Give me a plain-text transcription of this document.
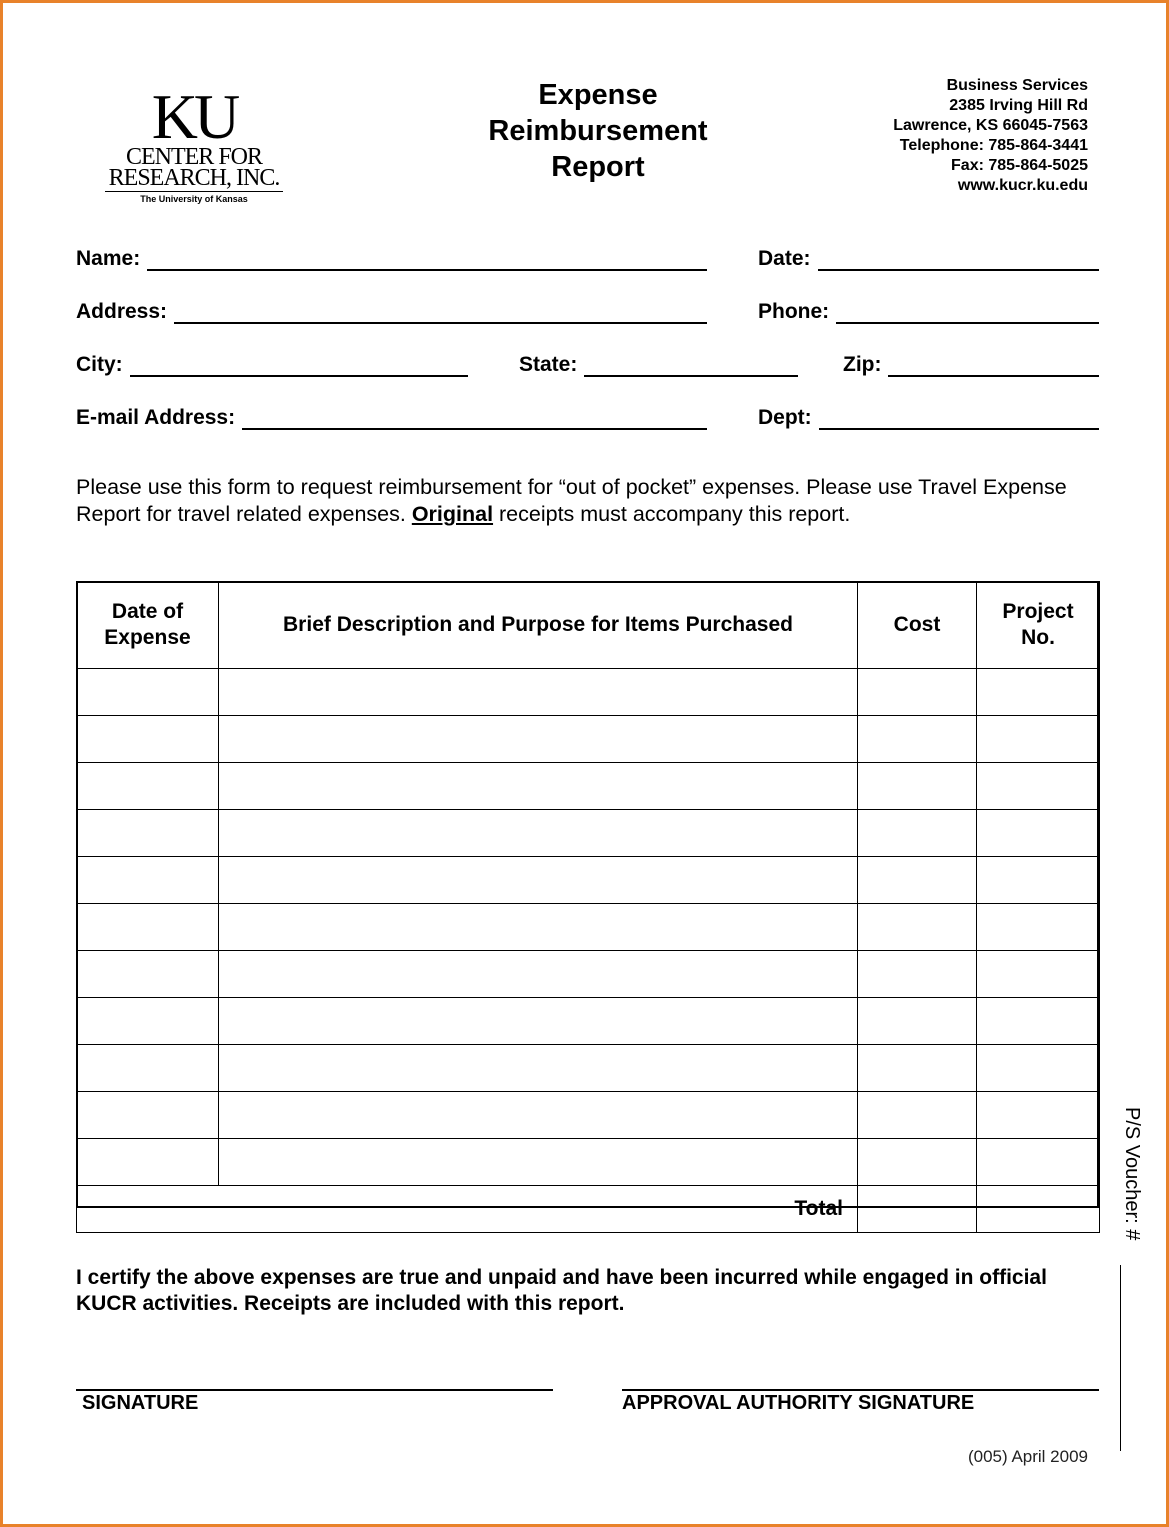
KU
CENTER FOR
RESEARCH, INC.
The University of Kansas
Expense
Reimbursement
Report
Business Services
2385 Irving Hill Rd
Lawrence, KS 66045-7563
Telephone: 785-864-3441
Fax: 785-864-5025
www.kucr.ku.edu
Name:	Date:
Address:	Phone:
City:	State:	Zip:
E-mail Address:	Dept:
Please use this form to request reimbursement for “out of pocket” expenses. Please use Travel Expense Report for travel related expenses. Original receipts must accompany this report.
Date of Expense	Brief Description and Purpose for Items Purchased	Cost	Project No.

Total			
I certify the above expenses are true and unpaid and have been incurred while engaged in official KUCR activities. Receipts are included with this report.
SIGNATURE	APPROVAL AUTHORITY SIGNATURE
P/S Voucher: #
(005) April 2009
